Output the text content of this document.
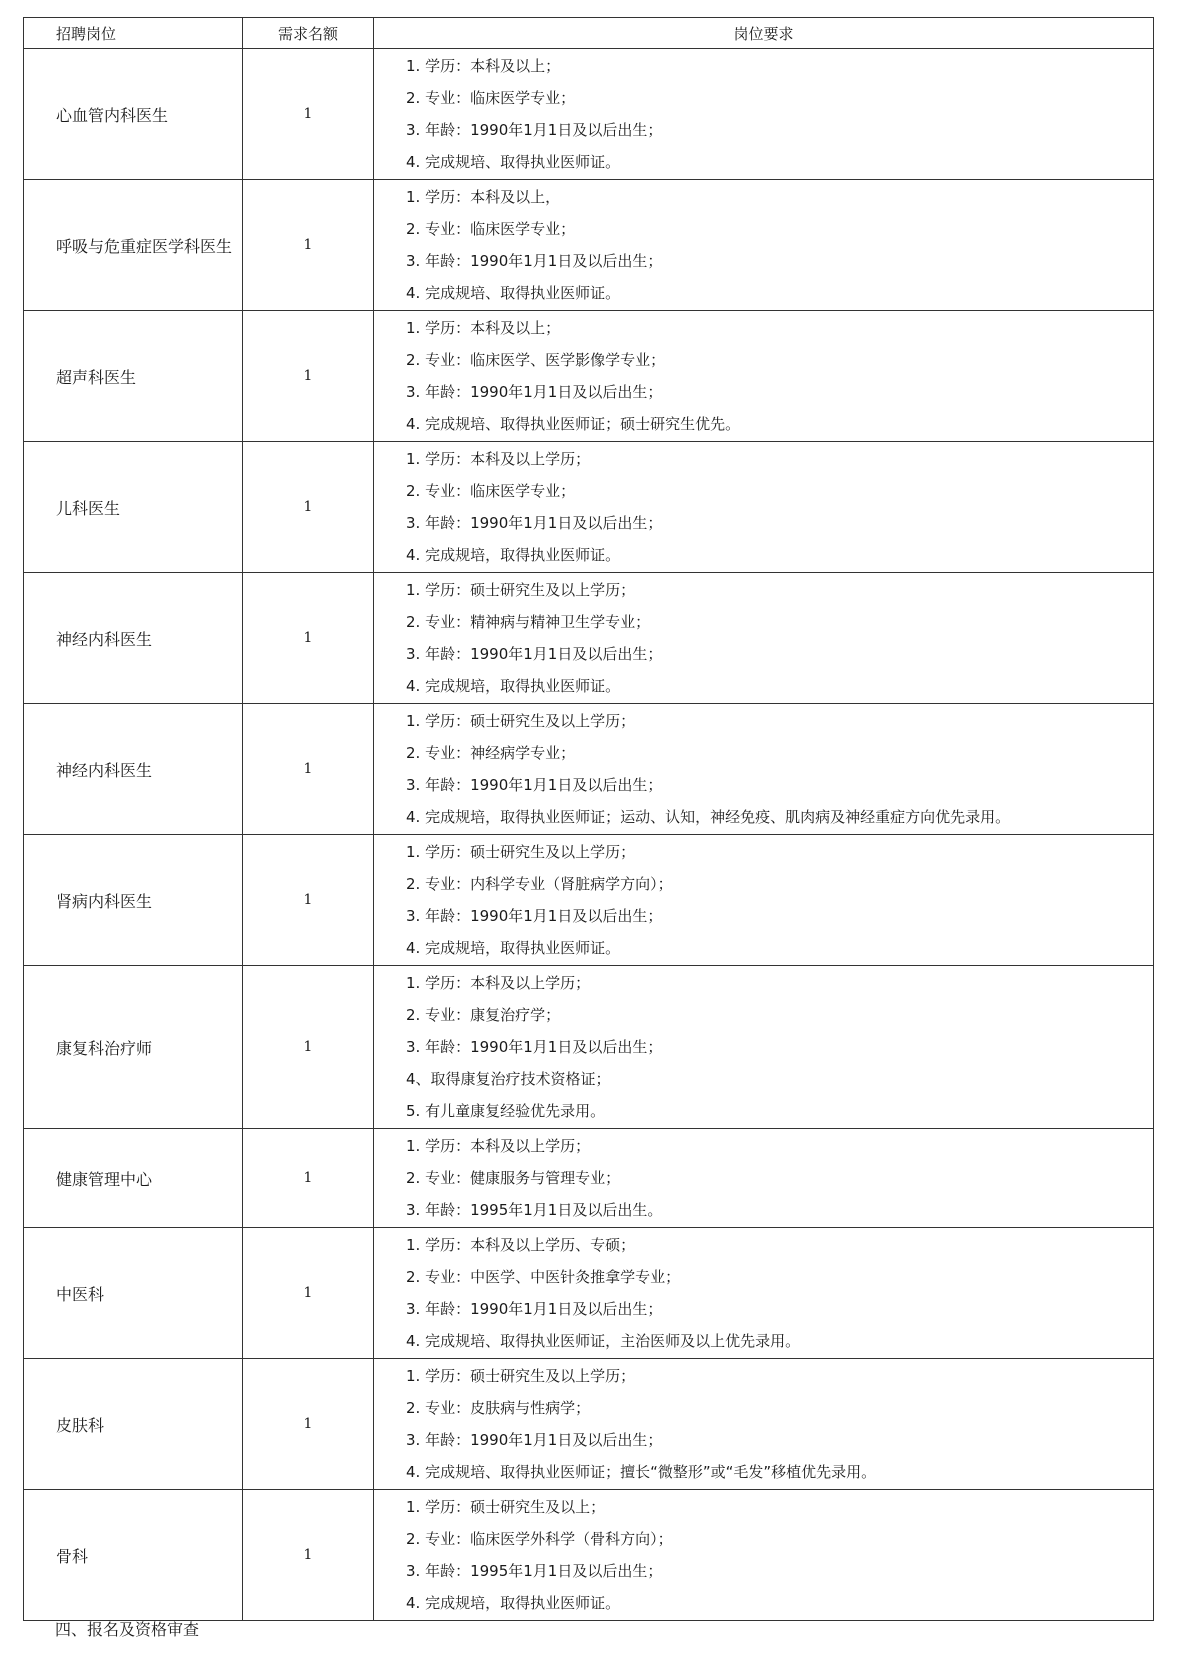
招聘岗位	需求名额	岗位要求
心血管内科医生	1	1. 学历：本科及以上；
2. 专业：临床医学专业；
3. 年龄：1990年1月1日及以后出生；
4. 完成规培、取得执业医师证。

呼吸与危重症医学科医生	1	1. 学历：本科及以上，
2. 专业：临床医学专业；
3. 年龄：1990年1月1日及以后出生；
4. 完成规培、取得执业医师证。

超声科医生	1	1. 学历：本科及以上；
2. 专业：临床医学、医学影像学专业；
3. 年龄：1990年1月1日及以后出生；
4. 完成规培、取得执业医师证；硕士研究生优先。

儿科医生	1	1. 学历：本科及以上学历；
2. 专业：临床医学专业；
3. 年龄：1990年1月1日及以后出生；
4. 完成规培，取得执业医师证。

神经内科医生	1	1. 学历：硕士研究生及以上学历；
2. 专业：精神病与精神卫生学专业；
3. 年龄：1990年1月1日及以后出生；
4. 完成规培，取得执业医师证。

神经内科医生	1	1. 学历：硕士研究生及以上学历；
2. 专业：神经病学专业；
3. 年龄：1990年1月1日及以后出生；
4. 完成规培，取得执业医师证；运动、认知，神经免疫、肌肉病及神经重症方向优先录用。

肾病内科医生	1	1. 学历：硕士研究生及以上学历；
2. 专业：内科学专业（肾脏病学方向）；
3. 年龄：1990年1月1日及以后出生；
4. 完成规培，取得执业医师证。

康复科治疗师	1	1. 学历：本科及以上学历；
2. 专业：康复治疗学；
3. 年龄：1990年1月1日及以后出生；
4、取得康复治疗技术资格证；
5. 有儿童康复经验优先录用。

健康管理中心	1	1. 学历：本科及以上学历；
2. 专业：健康服务与管理专业；
3. 年龄：1995年1月1日及以后出生。

中医科	1	1. 学历：本科及以上学历、专硕；
2. 专业：中医学、中医针灸推拿学专业；
3. 年龄：1990年1月1日及以后出生；
4. 完成规培、取得执业医师证，主治医师及以上优先录用。

皮肤科	1	1. 学历：硕士研究生及以上学历；
2. 专业：皮肤病与性病学；
3. 年龄：1990年1月1日及以后出生；
4. 完成规培、取得执业医师证；擅长“微整形”或“毛发”移植优先录用。

骨科	1	1. 学历：硕士研究生及以上；
2. 专业：临床医学外科学（骨科方向）；
3. 年龄：1995年1月1日及以后出生；
4. 完成规培，取得执业医师证。

四、报名及资格审查
